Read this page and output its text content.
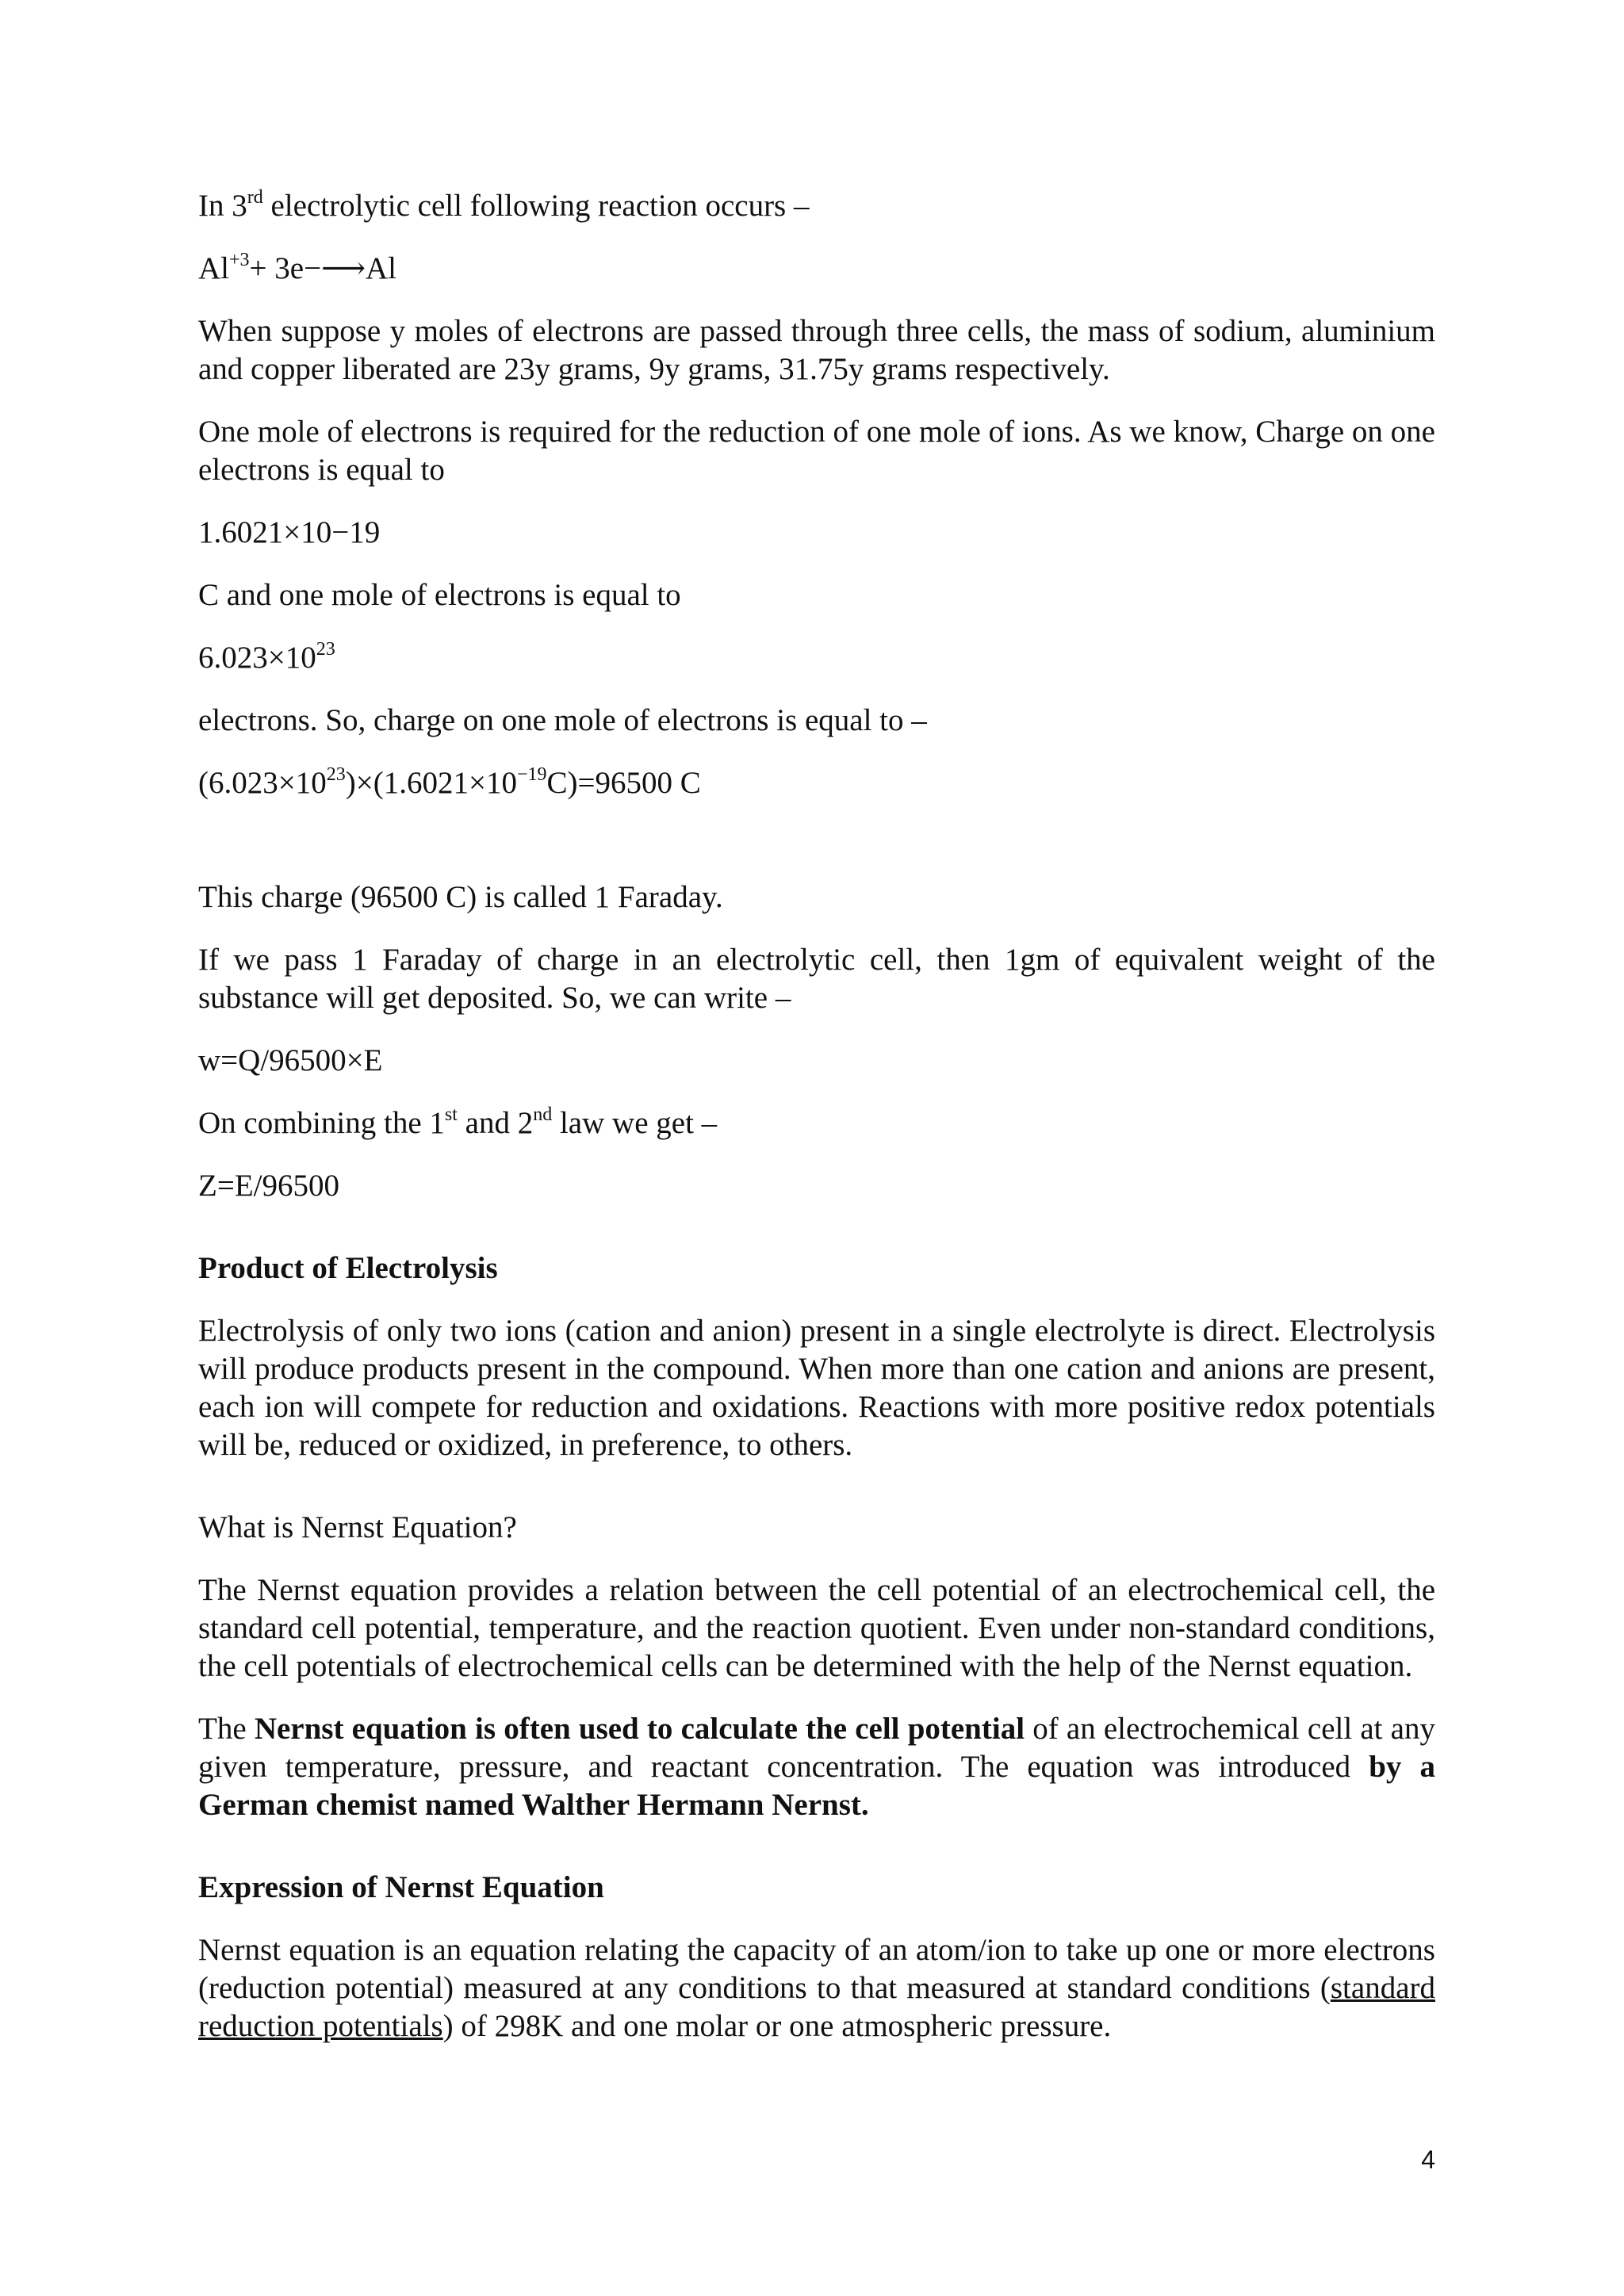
In 3rd electrolytic cell following reaction occurs –

$Al^{+3}+$ 3e−⟶Al

When suppose y moles of electrons are passed through three cells, the mass of sodium, aluminium and copper liberated are 23y grams, 9y grams, 31.75y grams respectively.

One mole of electrons is required for the reduction of one mole of ions. As we know, Charge on one electrons is equal to

1.6021×10−19

C and one mole of electrons is equal to

$6.023\times 10^{23}$

electrons. So, charge on one mole of electrons is equal to –

$(6.023\times 10^{23})\times(1.6021\times 10^{-19}C)=96500$ C

This charge (96500 C) is called 1 Faraday.

If we pass 1 Faraday of charge in an electrolytic cell, then 1gm of equivalent weight of the substance will get deposited. So, we can write –

w=Q/96500×E

On combining the 1st and 2nd law we get –

Z=E/96500

Product of Electrolysis

Electrolysis of only two ions (cation and anion) present in a single electrolyte is direct. Electrolysis will produce products present in the compound. When more than one cation and anions are present, each ion will compete for reduction and oxidations. Reactions with more positive redox potentials will be, reduced or oxidized, in preference, to others.

What is Nernst Equation?

The Nernst equation provides a relation between the cell potential of an electrochemical cell, the standard cell potential, temperature, and the reaction quotient. Even under non-standard conditions, the cell potentials of electrochemical cells can be determined with the help of the Nernst equation.

The Nernst equation is often used to calculate the cell potential of an electrochemical cell at any given temperature, pressure, and reactant concentration. The equation was introduced by a German chemist named Walther Hermann Nernst.

Expression of Nernst Equation

Nernst equation is an equation relating the capacity of an atom/ion to take up one or more electrons (reduction potential) measured at any conditions to that measured at standard conditions (standard reduction potentials) of 298K and one molar or one atmospheric pressure.

4
